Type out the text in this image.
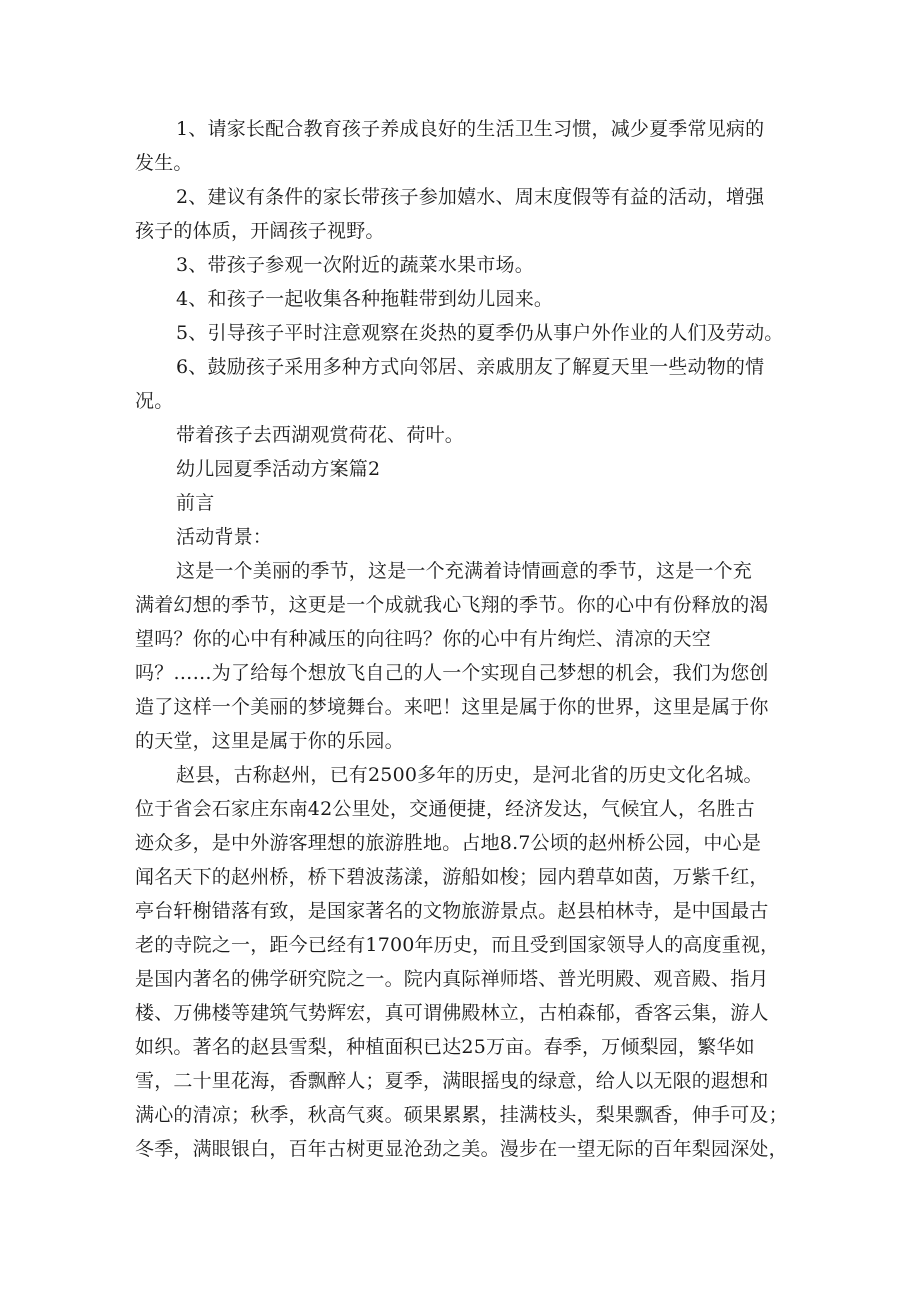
1、请家长配合教育孩子养成良好的生活卫生习惯，减少夏季常见病的
发生。
2、建议有条件的家长带孩子参加嬉水、周末度假等有益的活动，增强
孩子的体质，开阔孩子视野。
3、带孩子参观一次附近的蔬菜水果市场。
4、和孩子一起收集各种拖鞋带到幼儿园来。
5、引导孩子平时注意观察在炎热的夏季仍从事户外作业的人们及劳动。
6、鼓励孩子采用多种方式向邻居、亲戚朋友了解夏天里一些动物的情
况。
带着孩子去西湖观赏荷花、荷叶。
幼儿园夏季活动方案篇2
前言
活动背景：
这是一个美丽的季节，这是一个充满着诗情画意的季节，这是一个充
满着幻想的季节，这更是一个成就我心飞翔的季节。你的心中有份释放的渴
望吗？你的心中有种减压的向往吗？你的心中有片绚烂、清凉的天空
吗？……为了给每个想放飞自己的人一个实现自己梦想的机会，我们为您创
造了这样一个美丽的梦境舞台。来吧！这里是属于你的世界，这里是属于你
的天堂，这里是属于你的乐园。
赵县，古称赵州，已有2500多年的历史，是河北省的历史文化名城。
位于省会石家庄东南42公里处，交通便捷，经济发达，气候宜人，名胜古
迹众多，是中外游客理想的旅游胜地。占地8.7公顷的赵州桥公园，中心是
闻名天下的赵州桥，桥下碧波荡漾，游船如梭；园内碧草如茵，万紫千红，
亭台轩榭错落有致，是国家著名的文物旅游景点。赵县柏林寺，是中国最古
老的寺院之一，距今已经有1700年历史，而且受到国家领导人的高度重视，
是国内著名的佛学研究院之一。院内真际禅师塔、普光明殿、观音殿、指月
楼、万佛楼等建筑气势辉宏，真可谓佛殿林立，古柏森郁，香客云集，游人
如织。著名的赵县雪梨，种植面积已达25万亩。春季，万倾梨园，繁华如
雪，二十里花海，香飘醉人；夏季，满眼摇曳的绿意，给人以无限的遐想和
满心的清凉；秋季，秋高气爽。硕果累累，挂满枝头，梨果飘香，伸手可及；
冬季，满眼银白，百年古树更显沧劲之美。漫步在一望无际的百年梨园深处，
